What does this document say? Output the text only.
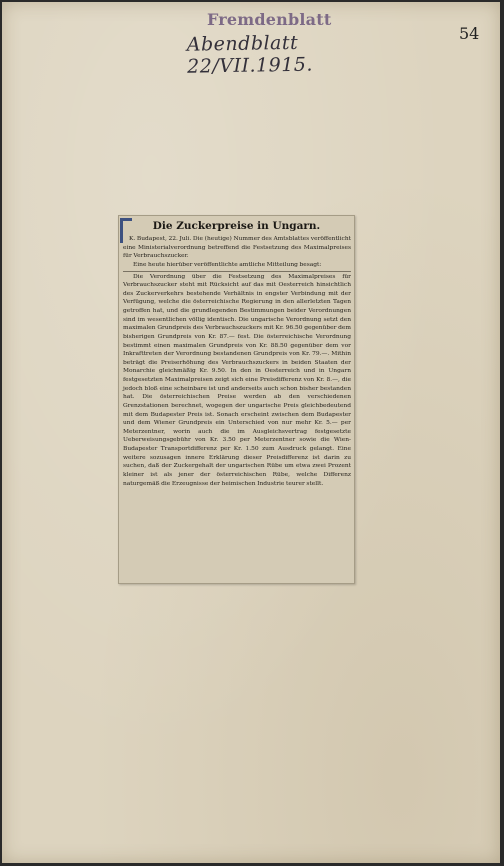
Fremdenblatt
Abendblatt 22/VII.1915.
54
Die Zuckerpreise in Ungarn.

K. Budapest, 22. Juli. Die (heutige) Nummer des Amtsblattes veröffentlicht eine Ministerialverordnung betreffend die Festsetzung des Maximalpreises für Verbrauchszucker.

Eine heute hierüber veröffentlichte amtliche Mitteilung besagt:

Die Verordnung über die Festsetzung des Maximalpreises für Verbrauchszucker steht mit Rücksicht auf das mit Oesterreich hinsichtlich des Zuckerverkehrs bestehende Verhältnis in engster Verbindung mit der Verfügung, welche die österreichische Regierung in den allerletzten Tagen getroffen hat, und die grundlegenden Bestimmungen beider Verordnungen sind im wesentlichen völlig identisch. Die ungarische Verordnung setzt den maximalen Grundpreis des Verbrauchszuckers mit Kr. 96.50 gegenüber dem bisherigen Grundpreis von Kr. 87.— fest. Die österreichische Verordnung bestimmt einen maximalen Grundpreis von Kr. 88.50 gegenüber dem vor Inkrafttreten der Verordnung bestandenen Grundpreis von Kr. 79.—. Mithin beträgt die Preiserhöhung des Verbrauchszuckers in beiden Staaten der Monarchie gleichmäßig Kr. 9.50. In den in Oesterreich und in Ungarn festgesetzten Maximalpreisen zeigt sich eine Preisdifferenz von Kr. 8.—, die jedoch bloß eine scheinbare ist und anderseits auch schon bisher bestanden hat. Die österreichischen Preise werden ab den verschiedenen Grenzstationen berechnet, wogegen der ungarische Preis gleichbedeutend mit dem Budapester Preis ist. Sonach erscheint zwischen dem Budapester und dem Wiener Grundpreis ein Unterschied von nur mehr Kr. 5.— per Meterzentner, worin auch die im Ausgleichsvertrag festgesetzte Ueberweisungsgebühr von Kr. 3.50 per Meterzentner sowie die Wien-Budapester Transportdifferenz per Kr. 1.50 zum Ausdruck gelangt. Eine weitere sozusagen innere Erklärung dieser Preisdifferenz ist darin zu suchen, daß der Zuckergehalt der ungarischen Rübe um etwa zwei Prozent kleiner ist als jener der österreichischen Rübe, welche Differenz naturgemäß die Erzeugnisse der heimischen Industrie teurer stellt.
